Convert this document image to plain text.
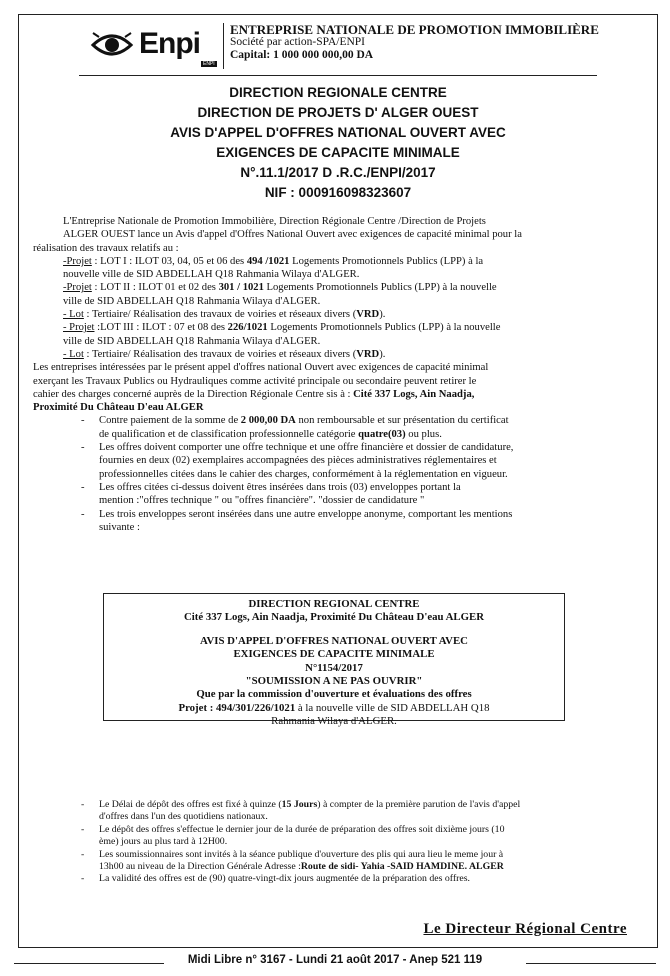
Enpi
ENPI
ENTREPRISE NATIONALE DE PROMOTION IMMOBILIÈRE
Société par action-SPA/ENPI
Capital: 1 000 000 000,00 DA
DIRECTION REGIONALE CENTRE
DIRECTION DE PROJETS D' ALGER OUEST
AVIS D'APPEL D'OFFRES NATIONAL OUVERT AVEC
EXIGENCES DE CAPACITE MINIMALE
N°.11.1/2017 D .R.C./ENPI/2017
NIF : 000916098323607

L'Entreprise Nationale de Promotion Immobilière, Direction Régionale Centre /Direction de Projets

ALGER OUEST lance un Avis d'appel d'Offres National Ouvert avec exigences de capacité minimal pour la

réalisation des travaux relatifs au :

-Projet : LOT I : ILOT 03, 04, 05 et 06 des 494 /1021 Logements Promotionnels Publics (LPP) à la

nouvelle ville de SID ABDELLAH Q18 Rahmania Wilaya d'ALGER.

-Projet : LOT II : ILOT 01 et 02 des 301 / 1021 Logements Promotionnels Publics (LPP) à la nouvelle

ville de SID ABDELLAH Q18 Rahmania Wilaya d'ALGER.

- Lot : Tertiaire/ Réalisation des travaux de voiries et réseaux divers (VRD).

- Projet :LOT III : ILOT : 07 et 08 des 226/1021 Logements Promotionnels Publics (LPP) à la nouvelle

ville de SID ABDELLAH Q18 Rahmania Wilaya d'ALGER.

- Lot : Tertiaire/ Réalisation des travaux de voiries et réseaux divers (VRD).

Les entreprises intéressées par le présent appel d'offres national Ouvert avec exigences de capacité minimal

exerçant les Travaux Publics ou Hydrauliques comme activité principale ou secondaire peuvent retirer le

cahier des charges concerné auprès de la Direction Régionale Centre sis à : Cité 337 Logs, Ain Naadja,

Proximité Du Château D'eau ALGER

- Contre paiement de la somme de 2 000,00 DA non remboursable et sur présentation du certificat

de qualification et de classification professionnelle catégorie quatre(03) ou plus.

- Les offres doivent comporter une offre technique et une offre financière et dossier de candidature,

fournies en deux (02) exemplaires accompagnées des pièces administratives réglementaires et

professionnelles citées dans le cahier des charges, conformément à la réglementation en vigueur.

- Les offres citées ci-dessus doivent êtres insérées dans trois (03) enveloppes portant la

mention :"offres technique " ou "offres financière". "dossier de candidature "

- Les trois enveloppes seront insérées dans une autre enveloppe anonyme, comportant les mentions

suivante :

DIRECTION REGIONAL CENTRE

Cité 337 Logs, Ain Naadja, Proximité Du Château D'eau ALGER

AVIS D'APPEL D'OFFRES NATIONAL OUVERT AVEC

EXIGENCES DE CAPACITE MINIMALE

N°1154/2017

"SOUMISSION A NE PAS OUVRIR"

Que par la commission d'ouverture et évaluations des offres

Projet : 494/301/226/1021 à la nouvelle ville de SID ABDELLAH Q18

Rahmania Wilaya d'ALGER.

- Le Délai de dépôt des offres est fixé à quinze (15 Jours) à compter de la première parution de l'avis d'appel

d'offres dans l'un des quotidiens nationaux.

- Le dépôt des offres s'effectue le dernier jour de la durée de préparation des offres soit dixième jours (10

ème) jours au plus tard à 12H00.

- Les soumissionnaires sont invités à la séance publique d'ouverture des plis qui aura lieu le meme jour à

13h00 au niveau de la Direction Générale Adresse :Route de sidi- Yahia -SAID HAMDINE. ALGER

- La validité des offres est de (90) quatre-vingt-dix jours augmentée de la préparation des offres.

Le Directeur Régional Centre
Midi Libre n° 3167 - Lundi 21 août 2017 - Anep 521 119
